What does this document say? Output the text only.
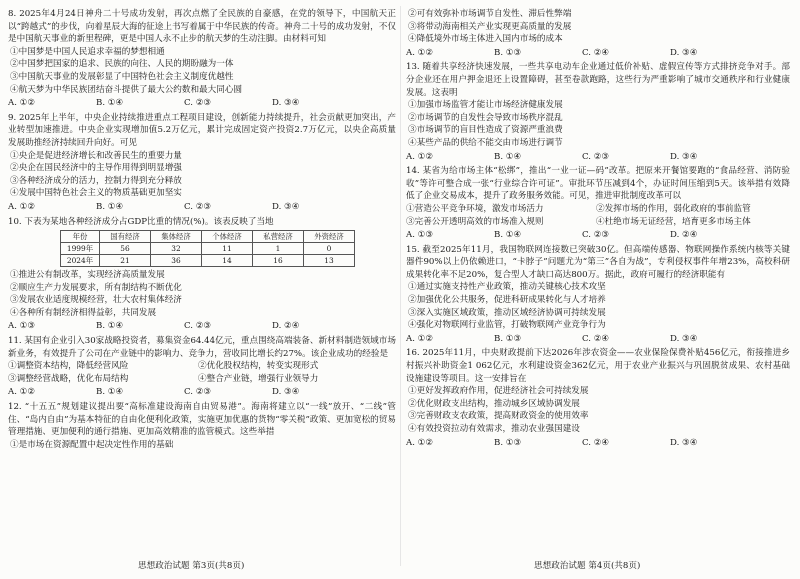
8. 2025年4月24日神舟二十号成功发射，再次点燃了全民族的自豪感，在党的领导下，中国航天正以“跨越式”的步伐，向着星辰大海的征途上书写着属于中华民族的传奇。神舟二十号的成功发射，不仅是中国航天事业的新里程碑，更是中国人永不止步的航天梦的生动注脚。由材料可知
①中国梦是中国人民追求幸福的梦想相通
②中国梦把国家的追求、民族的向往、人民的期盼融为一体
③中国航天事业的发展彰显了中国特色社会主义制度优越性
④航天梦为中华民族团结奋斗提供了最大公约数和最大同心圆
A. ①②	B. ①④	C. ②③	D. ③④
9. 2025年上半年，中央企业持续推进重点工程项目建设，创新能力持续提升，社会贡献更加突出，产业转型加速推进。中央企业实现增加值5.2万亿元，累计完成固定资产投资2.7万亿元，以央企高质量发展助推经济持续回升向好。可见
①央企是促进经济增长和改善民生的重要力量
②央企在国民经济中的主导作用得到明显增强
③各种经济成分的活力，控制力得到充分释放
④发展中国特色社会主义的物质基础更加坚实
A. ①②	B. ①④	C. ②③	D. ③④
10. 下表为某地各种经济成分占GDP比重的情况(%)。该表反映了当地
年份	国有经济	集体经济	个体经济	私营经济	外资经济
1999年	56	32	11	1	0
2024年	21	36	14	16	13
①推进公有制改革，实现经济高质量发展
②顺应生产力发展要求，所有制结构不断优化
③发展农业适度规模经营，壮大农村集体经济
④各种所有制经济相得益彰，共同发展
A. ①③	B. ①④	C. ②③	D. ②④
11. 某国有企业引入30家战略投资者，募集资金64.44亿元，重点围绕高端装备、新材料制造领域市场新业务，有效提升了公司在产业链中的影响力、竞争力，营收同比增长约27%。该企业成功的经验是
①调整资本结构，降低经营风险	②优化股权结构，转变实现形式
③调整经营战略，优化布局结构	④整合产业链，增强行业领导力
A. ①②	B. ①④	C. ②③	D. ③④
12. “十五五”规划建议提出要“高标准建设海南自由贸易港”。海南将建立以“一线”放开、“二线”管住、“岛内自由”为基本特征的自由化便利化政策，实施更加优惠的货物“零关税”政策、更加宽松的贸易管理措施、更加便利的通行措施、更加高效精准的监管模式。这些举措
①是市场在资源配置中起决定性作用的基础
思想政治试题 第3页(共8页)
②可有效弥补市场调节自发性、滞后性弊端
③将带动海南相关产业实现更高质量的发展
④降低境外市场主体进入国内市场的成本
A. ①②	B. ①③	C. ②④	D. ③④
13. 随着共享经济快速发展，一些共享电动车企业通过低价补贴、虚假宣传等方式排挤竞争对手。部分企业还在用户押金退还上设置障碍，甚至卷款跑路，这些行为严重影响了城市交通秩序和行业健康发展。这表明
①加强市场监管才能让市场经济健康发展
②市场调节的自发性会导致市场秩序混乱
③市场调节的盲目性造成了资源严重浪费
④某些产品的供给不能交由市场进行调节
A. ①②	B. ①④	C. ②③	D. ③④
14. 某省为给市场主体“松绑”，推出“一业一证—码”改革。把原来开餐馆要跑的“食品经营、消防验收”等许可整合成一张“行业综合许可证”。审批环节压减到4个，办证时间压缩到5天。该举措有效降低了企业交易成本，提升了政务服务效能。可见，推进审批制度改革可以
①营造公平竞争环境，激发市场活力	②发挥市场的作用，弱化政府的事前监管
③完善公开透明高效的市场准入规则	④杜绝市场无证经营，培育更多市场主体
A. ①③	B. ①④	C. ②③	D. ②④
15. 截至2025年11月，我国物联网连接数已突破30亿。但高端传感器、物联网操作系统内核等关键器件90%以上仍依赖进口，“卡脖子”问题尤为“第三”各自为战”，专利侵权事件年增23%，高校科研成果转化率不足20%，复合型人才缺口高达800万。据此，政府可履行的经济职能有
①通过实施支持性产业政策，推动关键核心技术攻坚
②加强优化公共服务，促进科研成果转化与人才培养
③深入实施区域政策，推动区域经济协调可持续发展
④强化对物联网行业监管，打破物联网产业竞争行为
A. ①②	B. ①③	C. ②④	D. ③④
16. 2025年11月，中央财政提前下达2026年涉农资金——农业保险保费补贴456亿元，衔接推进乡村振兴补助资金1 062亿元，水利建设资金362亿元，用于农业产业振兴与巩固脱贫成果、农村基础设施建设等项目。这一安排旨在
①更好发挥政府作用，促进经济社会可持续发展
②优化财政支出结构，推动城乡区域协调发展
③完善财政支农政策，提高财政资金的使用效率
④有效投资拉动有效需求，推动农业强国建设
A. ①②	B. ①③	C. ②④	D. ③④
思想政治试题 第4页(共8页)
